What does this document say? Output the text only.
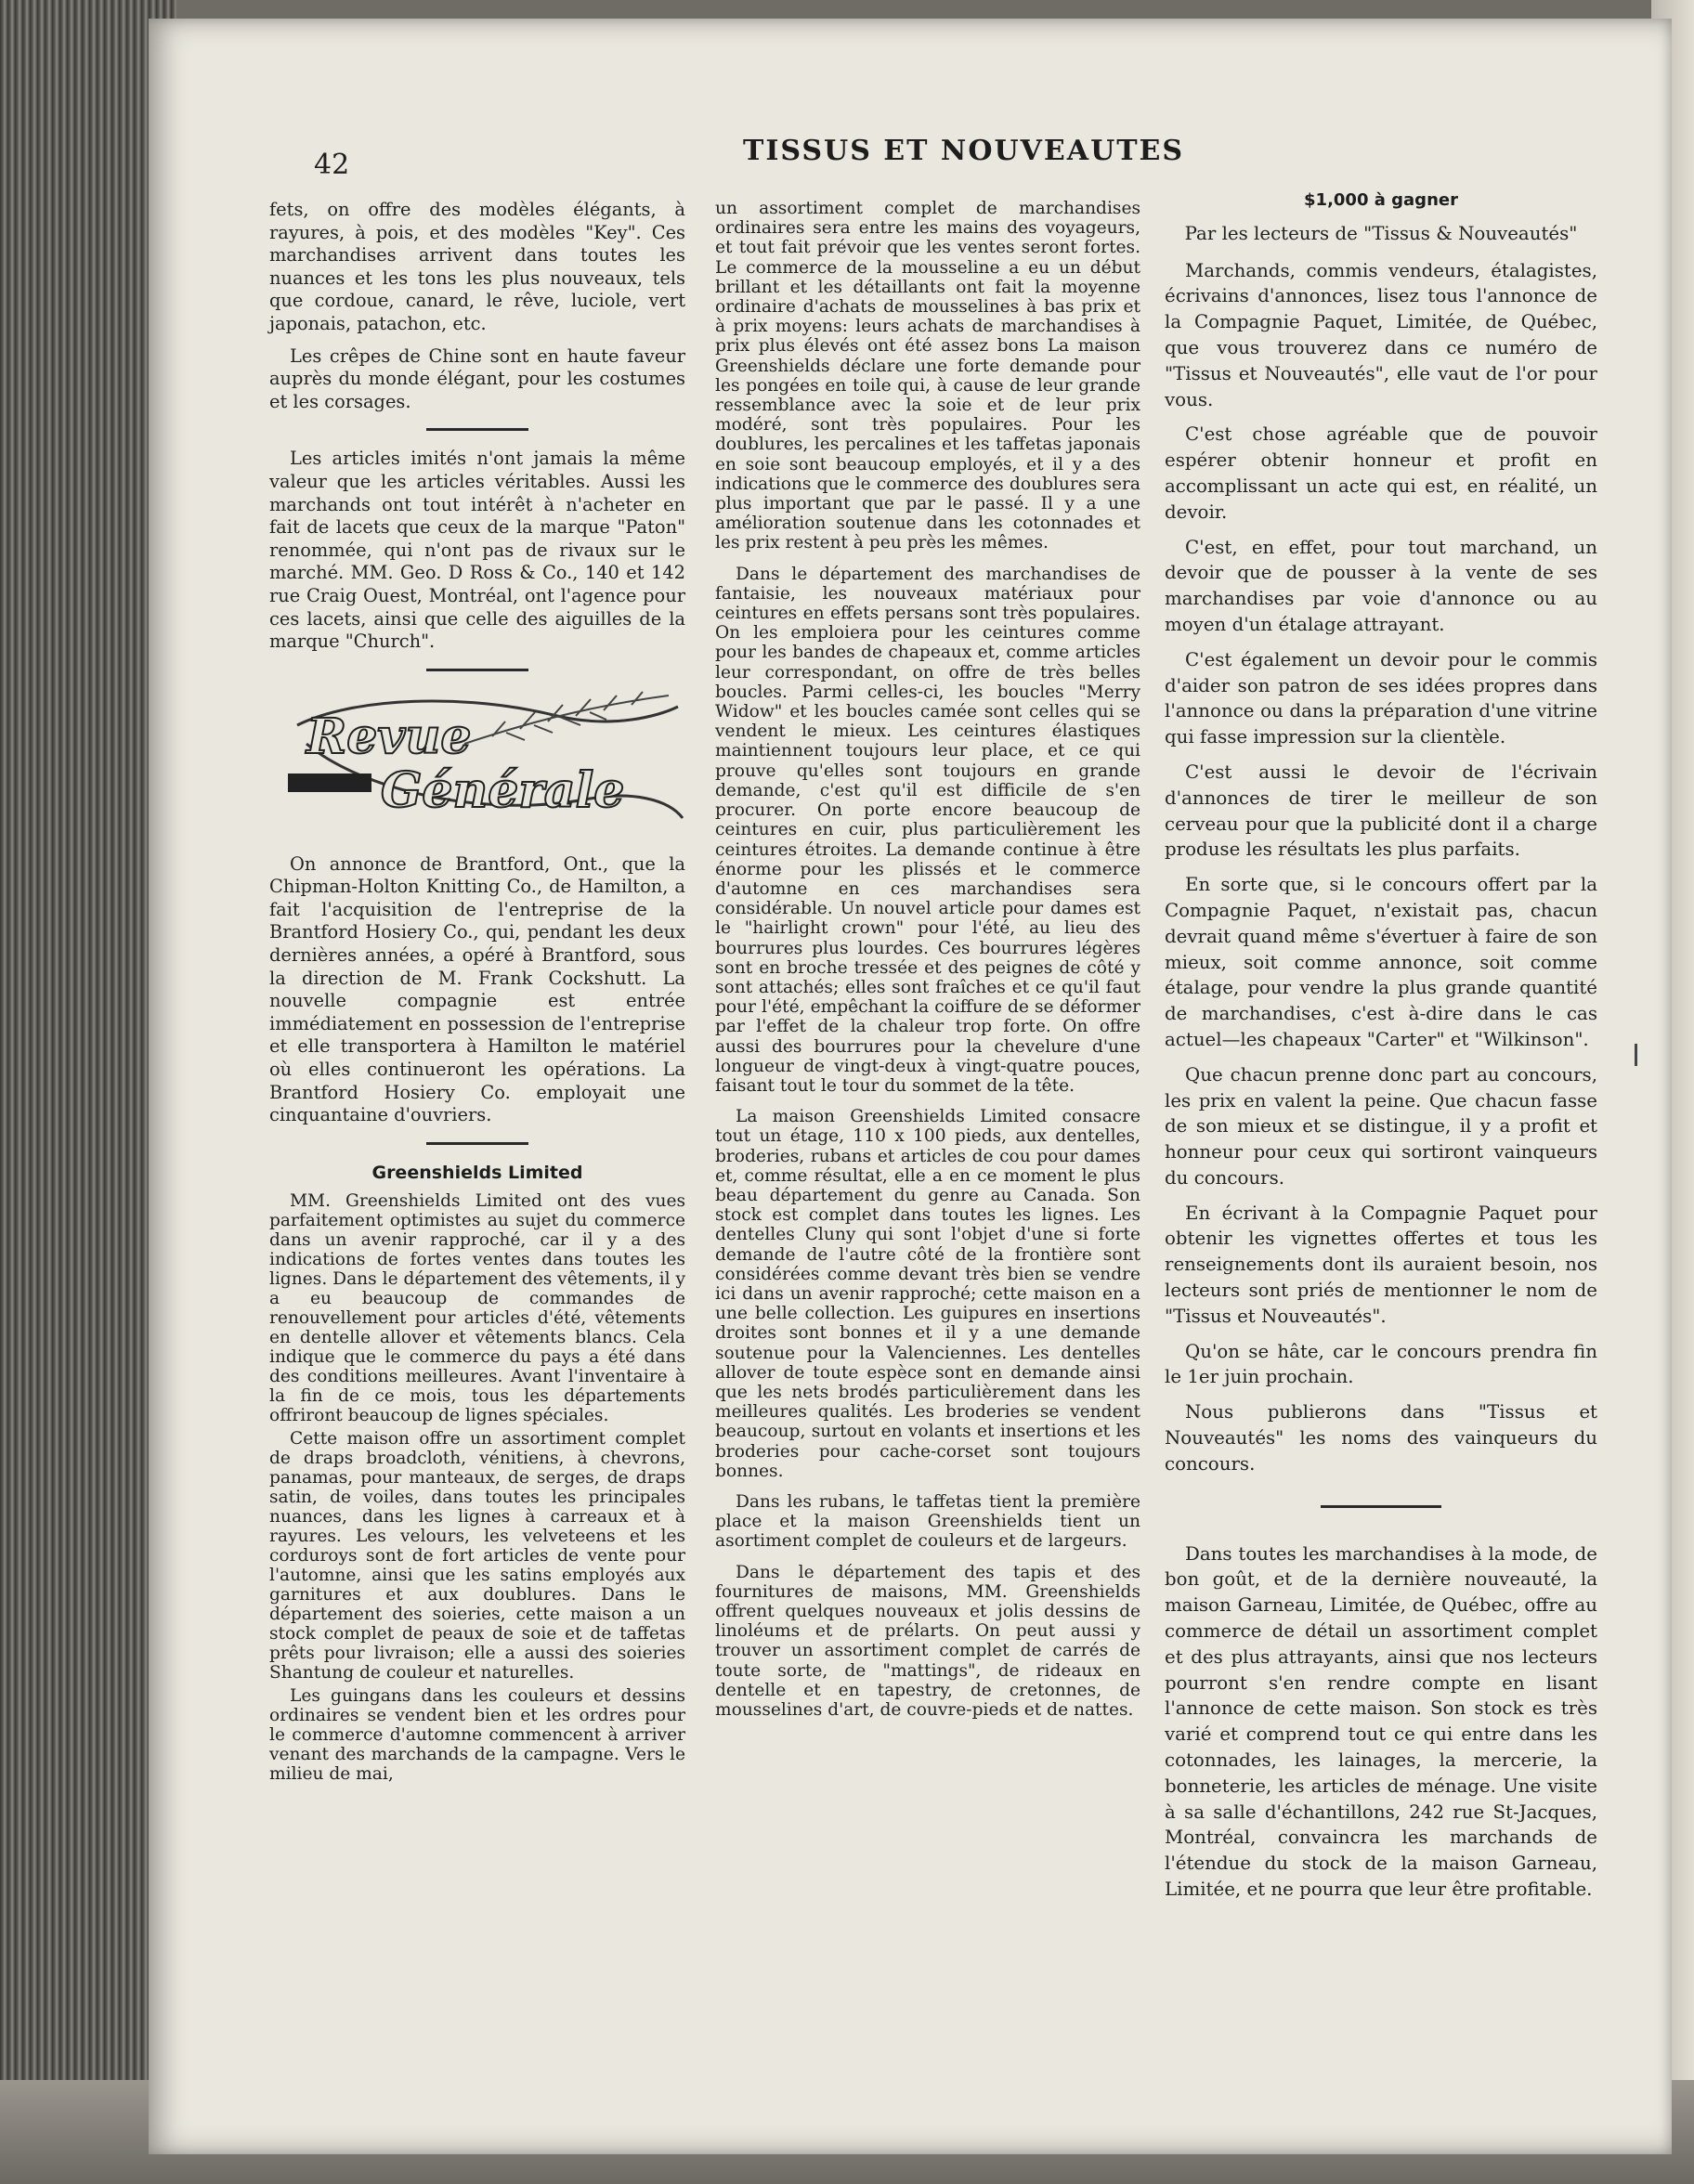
42	TISSUS ET NOUVEAUTES

fets, on offre des modèles élégants, à rayures, à pois, et des modèles "Key". Ces marchandises arrivent dans toutes les nuances et les tons les plus nouveaux, tels que cordoue, canard, le rêve, luciole, vert japonais, patachon, etc.

Les crêpes de Chine sont en haute faveur auprès du monde élégant, pour les costumes et les corsages.

Les articles imités n'ont jamais la même valeur que les articles véritables. Aussi les marchands ont tout intérêt à n'acheter en fait de lacets que ceux de la marque "Paton" renommée, qui n'ont pas de rivaux sur le marché. MM. Geo. D Ross & Co., 140 et 142 rue Craig Ouest, Montréal, ont l'agence pour ces lacets, ainsi que celle des aiguilles de la marque "Church".

Revue
Générale

On annonce de Brantford, Ont., que la Chipman-Holton Knitting Co., de Hamilton, a fait l'acquisition de l'entreprise de la Brantford Hosiery Co., qui, pendant les deux dernières années, a opéré à Brantford, sous la direction de M. Frank Cockshutt. La nouvelle compagnie est entrée immédiatement en possession de l'entreprise et elle transportera à Hamilton le matériel où elles continueront les opérations. La Brantford Hosiery Co. employait une cinquantaine d'ouvriers.

Greenshields Limited

MM. Greenshields Limited ont des vues parfaitement optimistes au sujet du commerce dans un avenir rapproché, car il y a des indications de fortes ventes dans toutes les lignes. Dans le département des vêtements, il y a eu beaucoup de commandes de renouvellement pour articles d'été, vêtements en dentelle allover et vêtements blancs. Cela indique que le commerce du pays a été dans des conditions meilleures. Avant l'inventaire à la fin de ce mois, tous les départements offriront beaucoup de lignes spéciales.

Cette maison offre un assortiment complet de draps broadcloth, vénitiens, à chevrons, panamas, pour manteaux, de serges, de draps satin, de voiles, dans toutes les principales nuances, dans les lignes à carreaux et à rayures. Les velours, les velveteens et les corduroys sont de fort articles de vente pour l'automne, ainsi que les satins employés aux garnitures et aux doublures. Dans le département des soieries, cette maison a un stock complet de peaux de soie et de taffetas prêts pour livraison; elle a aussi des soieries Shantung de couleur et naturelles.

Les guingans dans les couleurs et dessins ordinaires se vendent bien et les ordres pour le commerce d'automne commencent à arriver venant des marchands de la campagne. Vers le milieu de mai,

un assortiment complet de marchandises ordinaires sera entre les mains des voyageurs, et tout fait prévoir que les ventes seront fortes. Le commerce de la mousseline a eu un début brillant et les détaillants ont fait la moyenne ordinaire d'achats de mousselines à bas prix et à prix moyens: leurs achats de marchandises à prix plus élevés ont été assez bons La maison Greenshields déclare une forte demande pour les pongées en toile qui, à cause de leur grande ressemblance avec la soie et de leur prix modéré, sont très populaires. Pour les doublures, les percalines et les taffetas japonais en soie sont beaucoup employés, et il y a des indications que le commerce des doublures sera plus important que par le passé. Il y a une amélioration soutenue dans les cotonnades et les prix restent à peu près les mêmes.

Dans le département des marchandises de fantaisie, les nouveaux matériaux pour ceintures en effets persans sont très populaires. On les emploiera pour les ceintures comme pour les bandes de chapeaux et, comme articles leur correspondant, on offre de très belles boucles. Parmi celles-ci, les boucles "Merry Widow" et les boucles camée sont celles qui se vendent le mieux. Les ceintures élastiques maintiennent toujours leur place, et ce qui prouve qu'elles sont toujours en grande demande, c'est qu'il est difficile de s'en procurer. On porte encore beaucoup de ceintures en cuir, plus particulièrement les ceintures étroites. La demande continue à être énorme pour les plissés et le commerce d'automne en ces marchandises sera considérable. Un nouvel article pour dames est le "hairlight crown" pour l'été, au lieu des bourrures plus lourdes. Ces bourrures légères sont en broche tressée et des peignes de côté y sont attachés; elles sont fraîches et ce qu'il faut pour l'été, empêchant la coiffure de se déformer par l'effet de la chaleur trop forte. On offre aussi des bourrures pour la chevelure d'une longueur de vingt-deux à vingt-quatre pouces, faisant tout le tour du sommet de la tête.

La maison Greenshields Limited consacre tout un étage, 110 x 100 pieds, aux dentelles, broderies, rubans et articles de cou pour dames et, comme résultat, elle a en ce moment le plus beau département du genre au Canada. Son stock est complet dans toutes les lignes. Les dentelles Cluny qui sont l'objet d'une si forte demande de l'autre côté de la frontière sont considérées comme devant très bien se vendre ici dans un avenir rapproché; cette maison en a une belle collection. Les guipures en insertions droites sont bonnes et il y a une demande soutenue pour la Valenciennes. Les dentelles allover de toute espèce sont en demande ainsi que les nets brodés particulièrement dans les meilleures qualités. Les broderies se vendent beaucoup, surtout en volants et insertions et les broderies pour cache-corset sont toujours bonnes.

Dans les rubans, le taffetas tient la première place et la maison Greenshields tient un asortiment complet de couleurs et de largeurs.

Dans le département des tapis et des fournitures de maisons, MM. Greenshields offrent quelques nouveaux et jolis dessins de linoléums et de prélarts. On peut aussi y trouver un assortiment complet de carrés de toute sorte, de "mattings", de rideaux en dentelle et en tapestry, de cretonnes, de mousselines d'art, de couvre-pieds et de nattes.

$1,000 à gagner

Par les lecteurs de "Tissus & Nouveautés"

Marchands, commis vendeurs, étalagistes, écrivains d'annonces, lisez tous l'annonce de la Compagnie Paquet, Limitée, de Québec, que vous trouverez dans ce numéro de "Tissus et Nouveautés", elle vaut de l'or pour vous.

C'est chose agréable que de pouvoir espérer obtenir honneur et profit en accomplissant un acte qui est, en réalité, un devoir.

C'est, en effet, pour tout marchand, un devoir que de pousser à la vente de ses marchandises par voie d'annonce ou au moyen d'un étalage attrayant.

C'est également un devoir pour le commis d'aider son patron de ses idées propres dans l'annonce ou dans la préparation d'une vitrine qui fasse impression sur la clientèle.

C'est aussi le devoir de l'écrivain d'annonces de tirer le meilleur de son cerveau pour que la publicité dont il a charge produse les résultats les plus parfaits.

En sorte que, si le concours offert par la Compagnie Paquet, n'existait pas, chacun devrait quand même s'évertuer à faire de son mieux, soit comme annonce, soit comme étalage, pour vendre la plus grande quantité de marchandises, c'est à-dire dans le cas actuel—les chapeaux "Carter" et "Wilkinson".

Que chacun prenne donc part au concours, les prix en valent la peine. Que chacun fasse de son mieux et se distingue, il y a profit et honneur pour ceux qui sortiront vainqueurs du concours.

En écrivant à la Compagnie Paquet pour obtenir les vignettes offertes et tous les renseignements dont ils auraient besoin, nos lecteurs sont priés de mentionner le nom de "Tissus et Nouveautés".

Qu'on se hâte, car le concours prendra fin le 1er juin prochain.

Nous publierons dans "Tissus et Nouveautés" les noms des vainqueurs du concours.

Dans toutes les marchandises à la mode, de bon goût, et de la dernière nouveauté, la maison Garneau, Limitée, de Québec, offre au commerce de détail un assortiment complet et des plus attrayants, ainsi que nos lecteurs pourront s'en rendre compte en lisant l'annonce de cette maison. Son stock es très varié et comprend tout ce qui entre dans les cotonnades, les lainages, la mercerie, la bonneterie, les articles de ménage. Une visite à sa salle d'échantillons, 242 rue St-Jacques, Montréal, convaincra les marchands de l'étendue du stock de la maison Garneau, Limitée, et ne pourra que leur être profitable.
